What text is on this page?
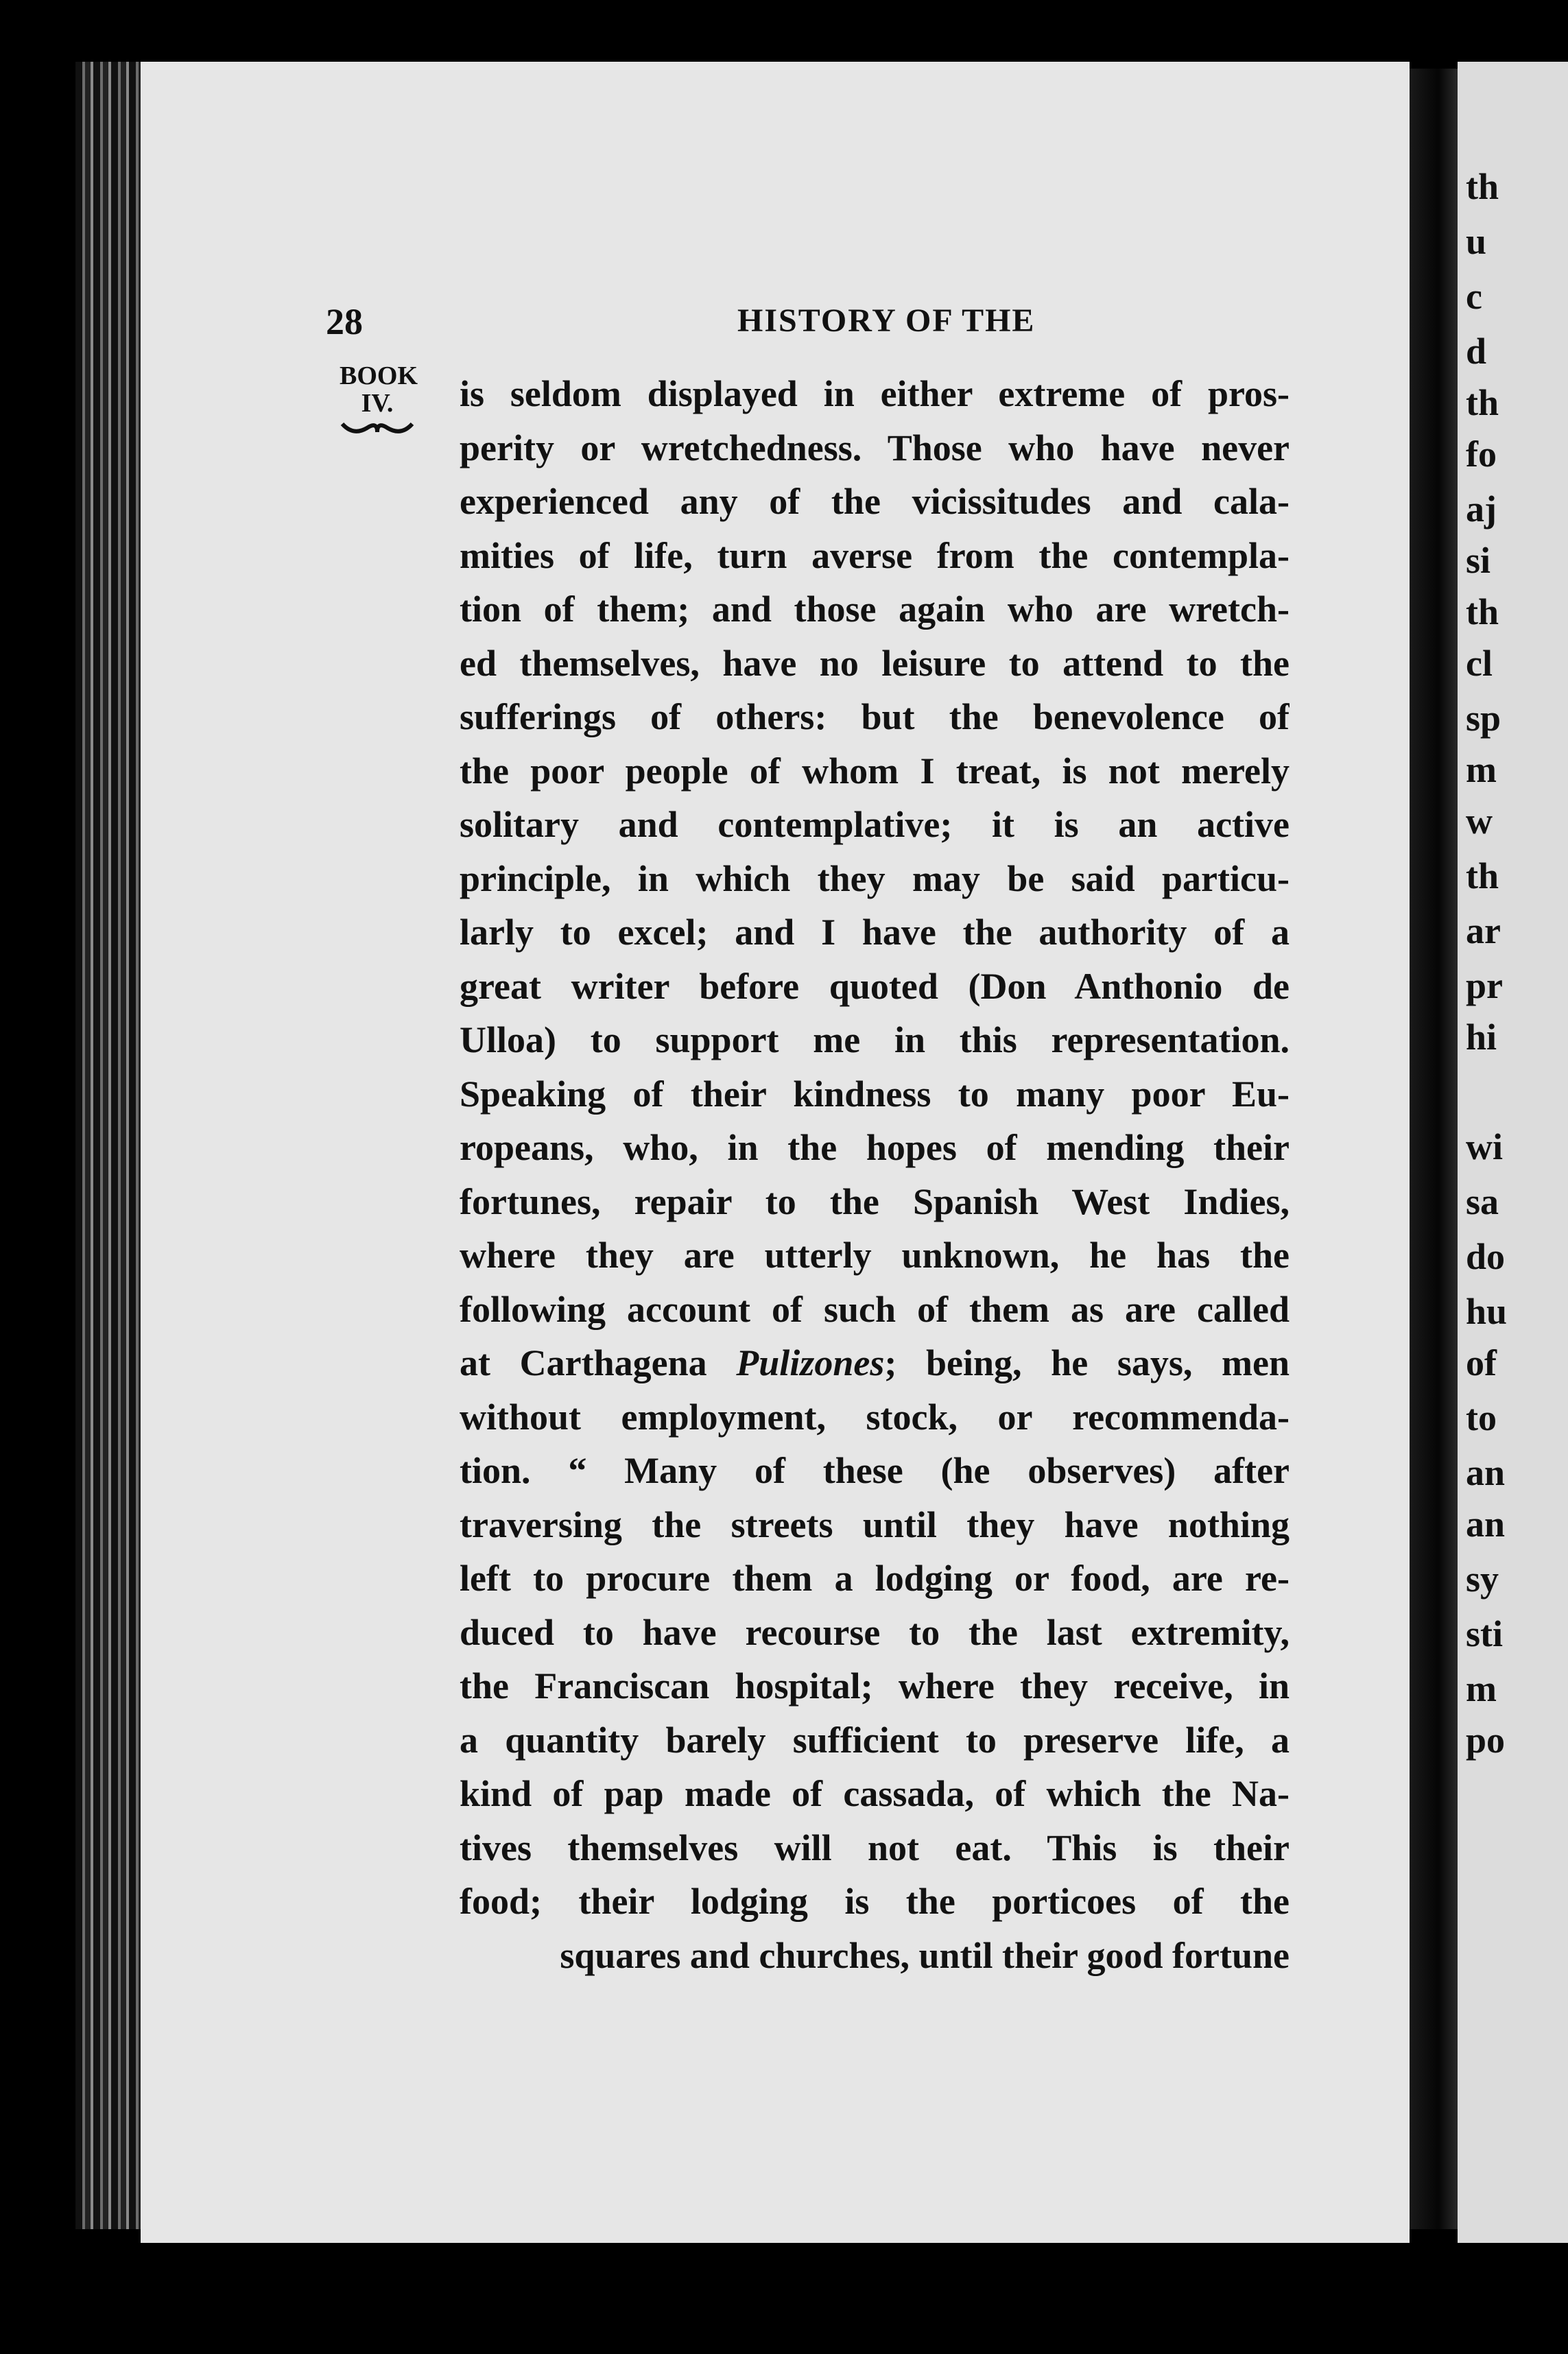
28	HISTORY OF THE
BOOK
IV.	is seldom displayed in either extreme of pros-
perity or wretchedness. Those who have never
experienced any of the vicissitudes and cala-
mities of life, turn averse from the contempla-
tion of them; and those again who are wretch-
ed themselves, have no leisure to attend to the
sufferings of others: but the benevolence of
the poor people of whom I treat, is not merely
solitary and contemplative; it is an active
principle, in which they may be said particu-
larly to excel; and I have the authority of a
great writer before quoted (Don Anthonio de
Ulloa) to support me in this representation.
Speaking of their kindness to many poor Eu-
ropeans, who, in the hopes of mending their
fortunes, repair to the Spanish West Indies,
where they are utterly unknown, he has the
following account of such of them as are called
at Carthagena Pulizones; being, he says, men
without employment, stock, or recommenda-
tion. “ Many of these (he observes) after
traversing the streets until they have nothing
left to procure them a lodging or food, are re-
duced to have recourse to the last extremity,
the Franciscan hospital; where they receive, in
a quantity barely sufficient to preserve life, a
kind of pap made of cassada, of which the Na-
tives themselves will not eat. This is their
food; their lodging is the porticoes of the
squares and churches, until their good fortune
th
u
c
d
th
fo
aj
si
th
cl
sp
m
w
th
ar
pr
hi
wi
sa
do
hu
of
to
an
an
sy
sti
m
po
